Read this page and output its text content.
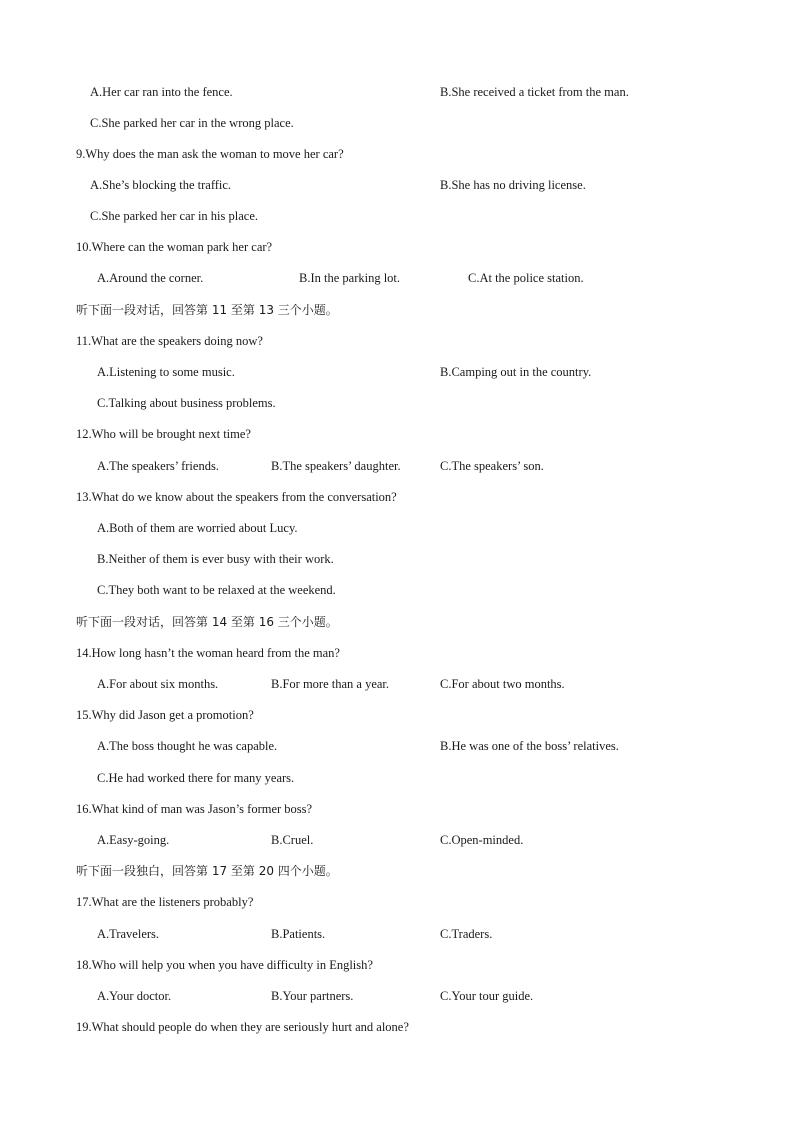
A.Her car ran into the fence.	B.She received a ticket from the man.
C.She parked her car in the wrong place.
9.Why does the man ask the woman to move her car?
A.She’s blocking the traffic.	B.She has no driving license.
C.She parked her car in his place.
10.Where can the woman park her car?
A.Around the corner.	B.In the parking lot.	C.At the police station.
听下面一段对话，回答第 11 至第 13 三个小题。
11.What are the speakers doing now?
A.Listening to some music.	B.Camping out in the country.
C.Talking about business problems.
12.Who will be brought next time?
A.The speakers’ friends.	B.The speakers’ daughter.	C.The speakers’ son.
13.What do we know about the speakers from the conversation?
A.Both of them are worried about Lucy.
B.Neither of them is ever busy with their work.
C.They both want to be relaxed at the weekend.
听下面一段对话，回答第 14 至第 16 三个小题。
14.How long hasn’t the woman heard from the man?
A.For about six months.	B.For more than a year.	C.For about two months.
15.Why did Jason get a promotion?
A.The boss thought he was capable.	B.He was one of the boss’ relatives.
C.He had worked there for many years.
16.What kind of man was Jason’s former boss?
A.Easy-going.	B.Cruel.	C.Open-minded.
听下面一段独白，回答第 17 至第 20 四个小题。
17.What are the listeners probably?
A.Travelers.	B.Patients.	C.Traders.
18.Who will help you when you have difficulty in English?
A.Your doctor.	B.Your partners.	C.Your tour guide.
19.What should people do when they are seriously hurt and alone?
